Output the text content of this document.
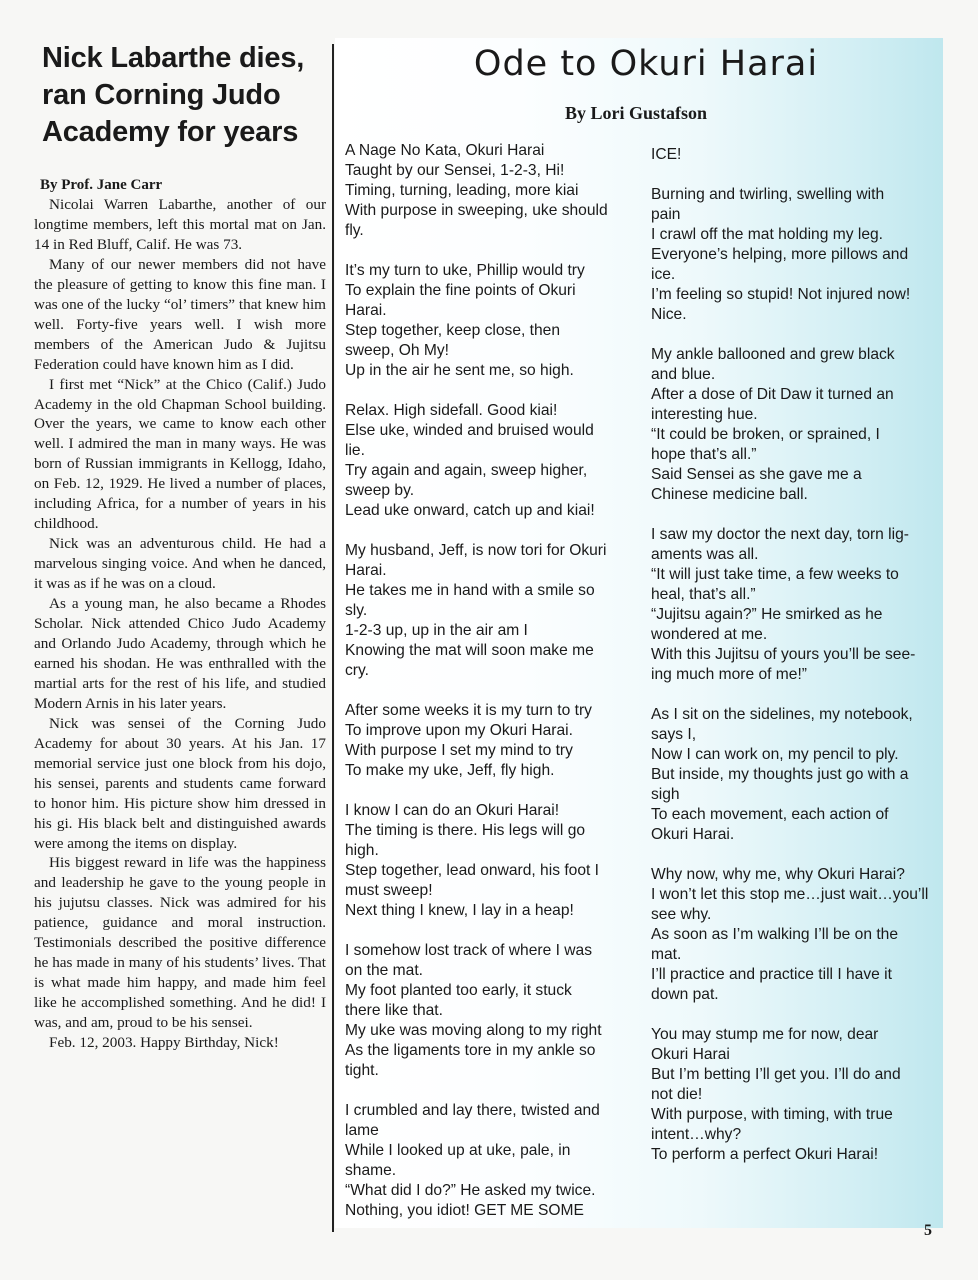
Nick Labarthe dies, ran Corning Judo Academy for years
By Prof. Jane Carr

Nicolai Warren Labarthe, another of our longtime members, left this mortal mat on Jan. 14 in Red Bluff, Calif. He was 73.

Many of our newer members did not have the pleasure of getting to know this fine man. I was one of the lucky “ol’ timers” that knew him well. Forty-five years well. I wish more members of the American Judo & Jujitsu Federation could have known him as I did.

I first met “Nick” at the Chico (Calif.) Judo Academy in the old Chapman School building. Over the years, we came to know each other well. I admired the man in many ways. He was born of Russian immigrants in Kellogg, Idaho, on Feb. 12, 1929. He lived a number of places, including Africa, for a number of years in his childhood.

Nick was an adventurous child. He had a marvelous singing voice. And when he danced, it was as if he was on a cloud.

As a young man, he also became a Rhodes Scholar. Nick attended Chico Judo Academy and Orlando Judo Academy, through which he earned his shodan. He was enthralled with the martial arts for the rest of his life, and studied Modern Arnis in his later years.

Nick was sensei of the Corning Judo Academy for about 30 years. At his Jan. 17 memorial service just one block from his dojo, his sensei, parents and students came forward to honor him. His picture show him dressed in his gi. His black belt and distinguished awards were among the items on display.

His biggest reward in life was the happiness and leadership he gave to the young people in his jujutsu classes. Nick was admired for his patience, guidance and moral instruction. Testimonials described the positive difference he has made in many of his students’ lives. That is what made him happy, and made him feel like he accomplished something. And he did! I was, and am, proud to be his sensei.

Feb. 12, 2003. Happy Birthday, Nick!

Ode to Okuri Harai
By Lori Gustafson
A Nage No Kata, Okuri Harai
Taught by our Sensei, 1-2-3, Hi!
Timing, turning, leading, more kiai
With purpose in sweeping, uke should
fly.
It’s my turn to uke, Phillip would try
To explain the fine points of Okuri
Harai.
Step together, keep close, then
sweep, Oh My!
Up in the air he sent me, so high.
Relax. High sidefall. Good kiai!
Else uke, winded and bruised would
lie.
Try again and again, sweep higher,
sweep by.
Lead uke onward, catch up and kiai!
My husband, Jeff, is now tori for Okuri
Harai.
He takes me in hand with a smile so
sly.
1-2-3 up, up in the air am I
Knowing the mat will soon make me
cry.
After some weeks it is my turn to try
To improve upon my Okuri Harai.
With purpose I set my mind to try
To make my uke, Jeff, fly high.
I know I can do an Okuri Harai!
The timing is there. His legs will go
high.
Step together, lead onward, his foot I
must sweep!
Next thing I knew, I lay in a heap!
I somehow lost track of where I was
on the mat.
My foot planted too early, it stuck
there like that.
My uke was moving along to my right
As the ligaments tore in my ankle so
tight.
I crumbled and lay there, twisted and
lame
While I looked up at uke, pale, in
shame.
“What did I do?” He asked my twice.
Nothing, you idiot! GET ME SOME
ICE!
Burning and twirling, swelling with
pain
I crawl off the mat holding my leg.
Everyone’s helping, more pillows and
ice.
I’m feeling so stupid! Not injured now!
Nice.
My ankle ballooned and grew black
and blue.
After a dose of Dit Daw it turned an
interesting hue.
“It could be broken, or sprained, I
hope that’s all.”
Said Sensei as she gave me a
Chinese medicine ball.
I saw my doctor the next day, torn lig-
aments was all.
“It will just take time, a few weeks to
heal, that’s all.”
“Jujitsu again?” He smirked as he
wondered at me.
With this Jujitsu of yours you’ll be see-
ing much more of me!”
As I sit on the sidelines, my notebook,
says I,
Now I can work on, my pencil to ply.
But inside, my thoughts just go with a
sigh
To each movement, each action of
Okuri Harai.
Why now, why me, why Okuri Harai?
I won’t let this stop me…just wait…you’ll
see why.
As soon as I’m walking I’ll be on the
mat.
I’ll practice and practice till I have it
down pat.
You may stump me for now, dear
Okuri Harai
But I’m betting I’ll get you. I’ll do and
not die!
With purpose, with timing, with true
intent…why?
To perform a perfect Okuri Harai!
5
